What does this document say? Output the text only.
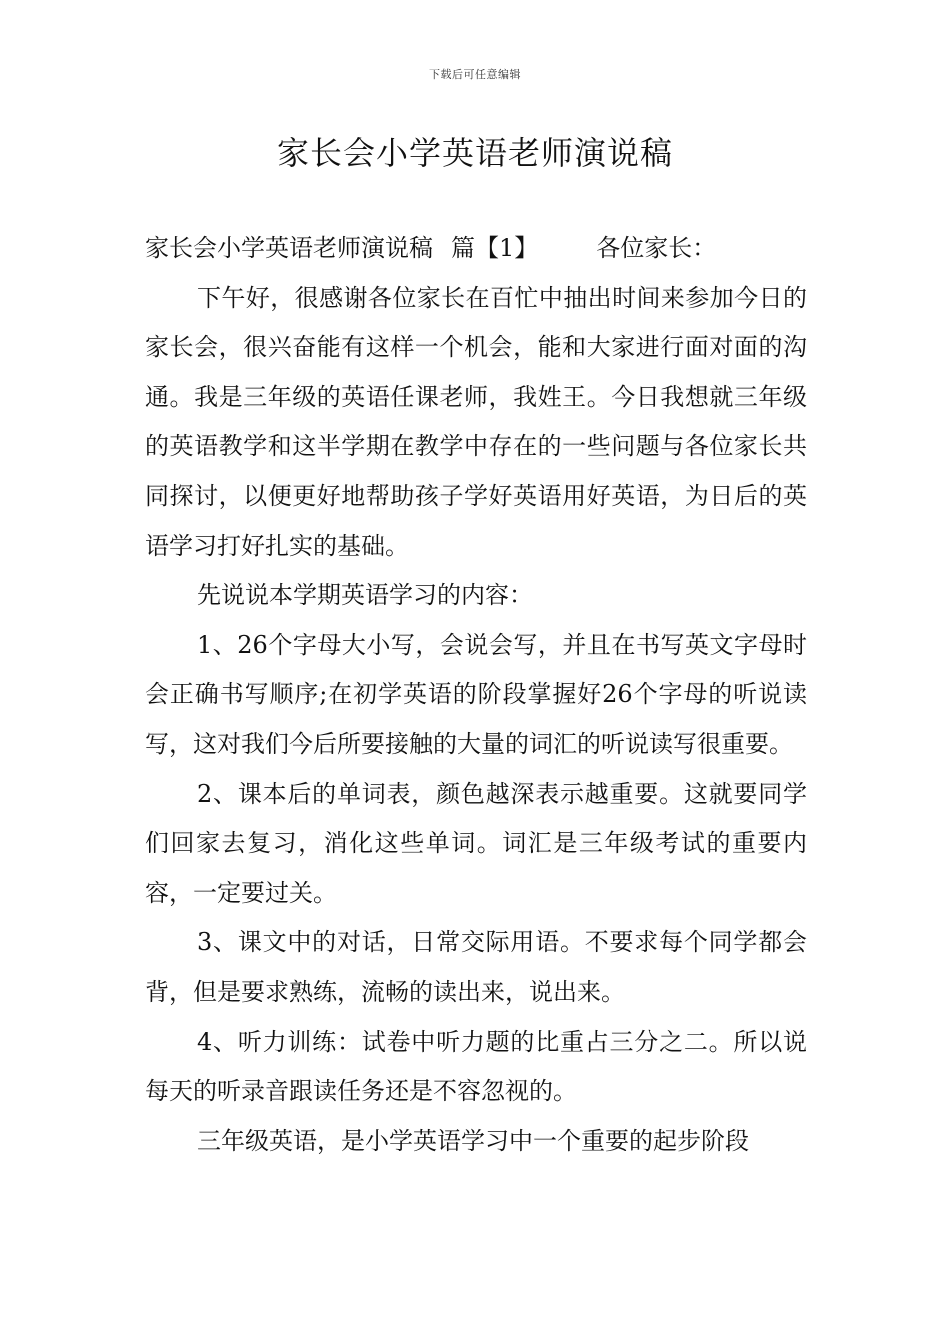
下载后可任意编辑
家长会小学英语老师演说稿

家长会小学英语老师演说稿 篇【1】 各位家长：

下午好，很感谢各位家长在百忙中抽出时间来参加今日的家长会，很兴奋能有这样一个机会，能和大家进行面对面的沟通。我是三年级的英语任课老师，我姓王。今日我想就三年级的英语教学和这半学期在教学中存在的一些问题与各位家长共同探讨，以便更好地帮助孩子学好英语用好英语，为日后的英语学习打好扎实的基础。

先说说本学期英语学习的内容：

1、26个字母大小写，会说会写，并且在书写英文字母时会正确书写顺序;在初学英语的阶段掌握好26个字母的听说读写，这对我们今后所要接触的大量的词汇的听说读写很重要。

2、课本后的单词表，颜色越深表示越重要。这就要同学们回家去复习，消化这些单词。词汇是三年级考试的重要内容，一定要过关。

3、课文中的对话，日常交际用语。不要求每个同学都会背，但是要求熟练，流畅的读出来，说出来。

4、听力训练：试卷中听力题的比重占三分之二。所以说每天的听录音跟读任务还是不容忽视的。

三年级英语，是小学英语学习中一个重要的起步阶段
